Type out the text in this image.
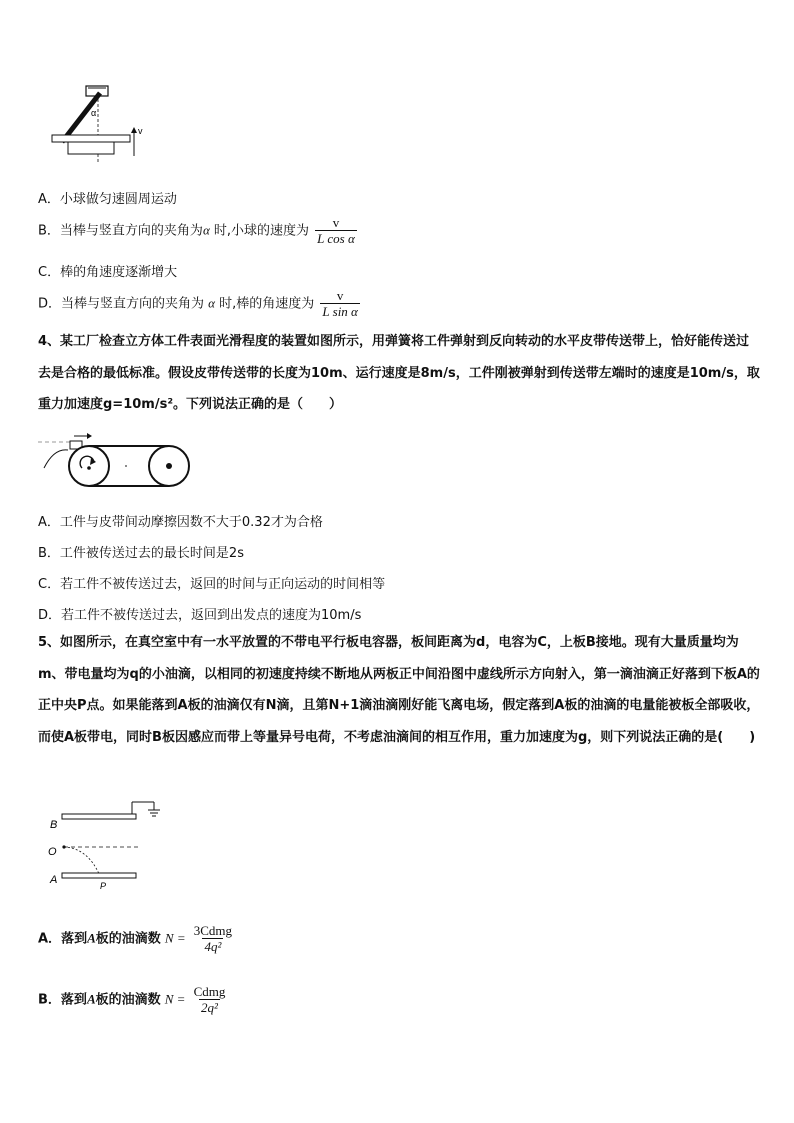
α
v
A．小球做匀速圆周运动
B．当棒与竖直方向的夹角为α 时,小球的速度为 $\frac{v}{\text{L cos α}}$
C．棒的角速度逐渐增大
D．当棒与竖直方向的夹角为 α 时,棒的角速度为 $\frac{v}{\text{L sin α}}$
4、某工厂检查立方体工件表面光滑程度的装置如图所示，用弹簧将工件弹射到反向转动的水平皮带传送带上，恰好能传送过去是合格的最低标准。假设皮带传送带的长度为10m、运行速度是8m/s，工件刚被弹射到传送带左端时的速度是10m/s，取重力加速度g=10m/s²。下列说法正确的是（　　）
A．工件与皮带间动摩擦因数不大于0.32才为合格
B．工件被传送过去的最长时间是2s
C．若工件不被传送过去，返回的时间与正向运动的时间相等
D．若工件不被传送过去，返回到出发点的速度为10m/s
5、如图所示，在真空室中有一水平放置的不带电平行板电容器，板间距离为d，电容为C，上板B接地。现有大量质量均为m、带电量均为q的小油滴，以相同的初速度持续不断地从两板正中间沿图中虚线所示方向射入，第一滴油滴正好落到下板A的正中央P点。如果能落到A板的油滴仅有N滴，且第N+1滴油滴刚好能飞离电场，假定落到A板的油滴的电量能被板全部吸收，而使A板带电，同时B板因感应而带上等量异号电荷，不考虑油滴间的相互作用，重力加速度为g，则下列说法正确的是(　　)
B
O
A	P
A．落到A板的油滴数 $N = \frac{\text{3Cdmg}}{\text{4q²}}$
B．落到A板的油滴数 $N = \frac{\text{Cdmg}}{\text{2q²}}$
